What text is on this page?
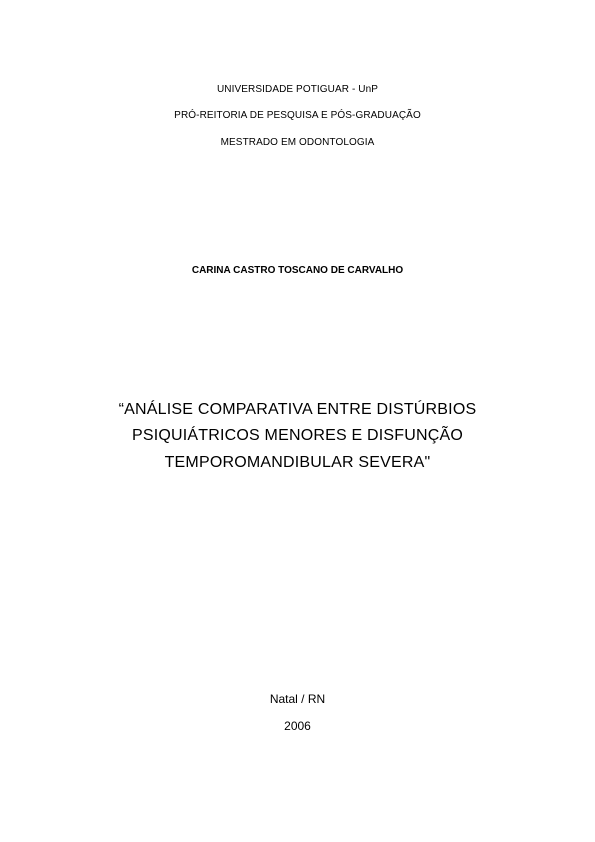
UNIVERSIDADE POTIGUAR - UnP
PRÓ-REITORIA DE PESQUISA E PÓS-GRADUAÇÃO
MESTRADO EM ODONTOLOGIA
CARINA CASTRO TOSCANO DE CARVALHO
“ANÁLISE COMPARATIVA ENTRE DISTÚRBIOS
PSIQUIÁTRICOS MENORES E DISFUNÇÃO
TEMPOROMANDIBULAR SEVERA"
Natal / RN
2006
